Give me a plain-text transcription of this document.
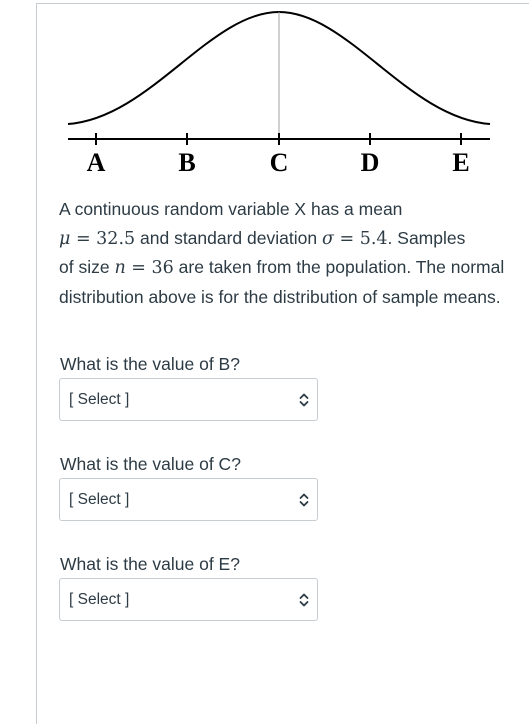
A	B	C	D	E

A continuous random variable X has a mean
μ = 32.5 and standard deviation σ = 5.4. Samples
of size n = 36 are taken from the population. The normal distribution above is for the distribution of sample means.

What is the value of B?

[ Select ]

What is the value of C?

[ Select ]

What is the value of E?

[ Select ]
